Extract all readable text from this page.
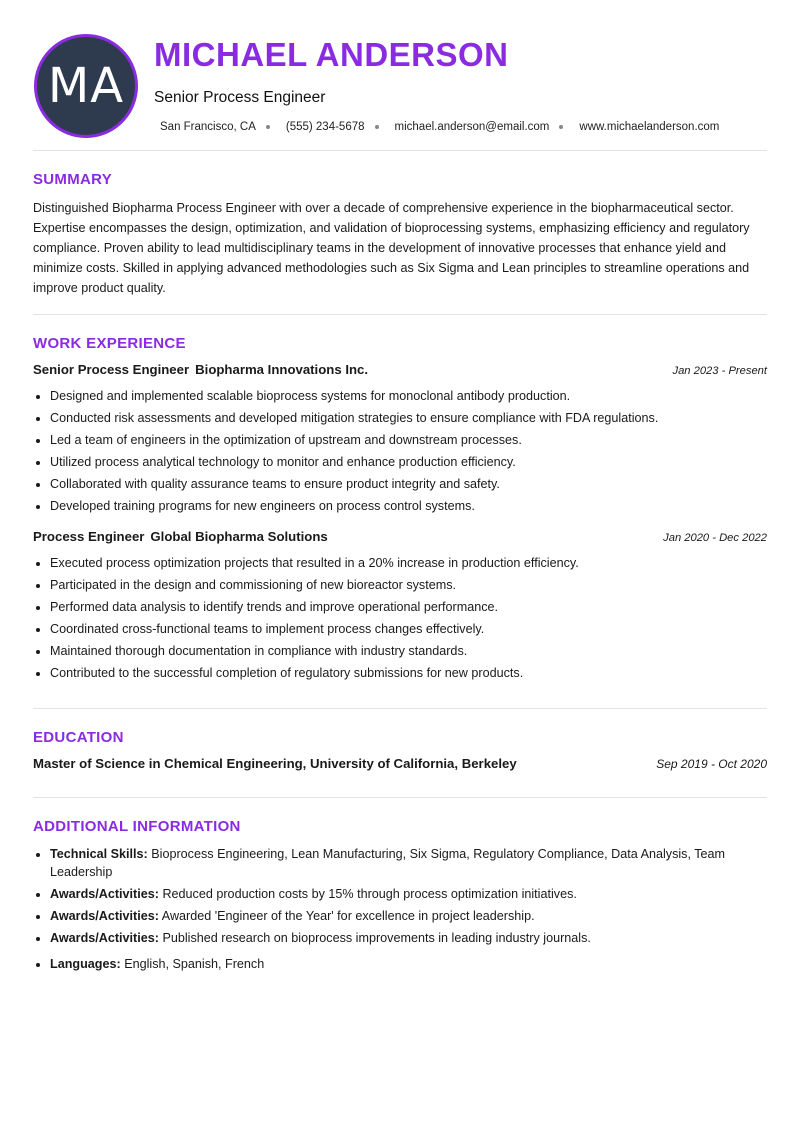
MA
MICHAEL ANDERSON
Senior Process Engineer
San Francisco, CA	(555) 234-5678	michael.anderson@email.com	www.michaelanderson.com
SUMMARY

Distinguished Biopharma Process Engineer with over a decade of comprehensive experience in the biopharmaceutical sector. Expertise encompasses the design, optimization, and validation of bioprocessing systems, emphasizing efficiency and regulatory compliance. Proven ability to lead multidisciplinary teams in the development of innovative processes that enhance yield and minimize costs. Skilled in applying advanced methodologies such as Six Sigma and Lean principles to streamline operations and improve product quality.

WORK EXPERIENCE
Senior Process Engineer Biopharma Innovations Inc.	Jan 2023 - Present
• Designed and implemented scalable bioprocess systems for monoclonal antibody production.
• Conducted risk assessments and developed mitigation strategies to ensure compliance with FDA regulations.
• Led a team of engineers in the optimization of upstream and downstream processes.
• Utilized process analytical technology to monitor and enhance production efficiency.
• Collaborated with quality assurance teams to ensure product integrity and safety.
• Developed training programs for new engineers on process control systems.
Process Engineer Global Biopharma Solutions	Jan 2020 - Dec 2022
• Executed process optimization projects that resulted in a 20% increase in production efficiency.
• Participated in the design and commissioning of new bioreactor systems.
• Performed data analysis to identify trends and improve operational performance.
• Coordinated cross-functional teams to implement process changes effectively.
• Maintained thorough documentation in compliance with industry standards.
• Contributed to the successful completion of regulatory submissions for new products.
EDUCATION
Master of Science in Chemical Engineering, University of California, Berkeley	Sep 2019 - Oct 2020
ADDITIONAL INFORMATION
• Technical Skills: Bioprocess Engineering, Lean Manufacturing, Six Sigma, Regulatory Compliance, Data Analysis, Team Leadership
• Awards/Activities: Reduced production costs by 15% through process optimization initiatives.
• Awards/Activities: Awarded 'Engineer of the Year' for excellence in project leadership.
• Awards/Activities: Published research on bioprocess improvements in leading industry journals.
• Languages: English, Spanish, French
